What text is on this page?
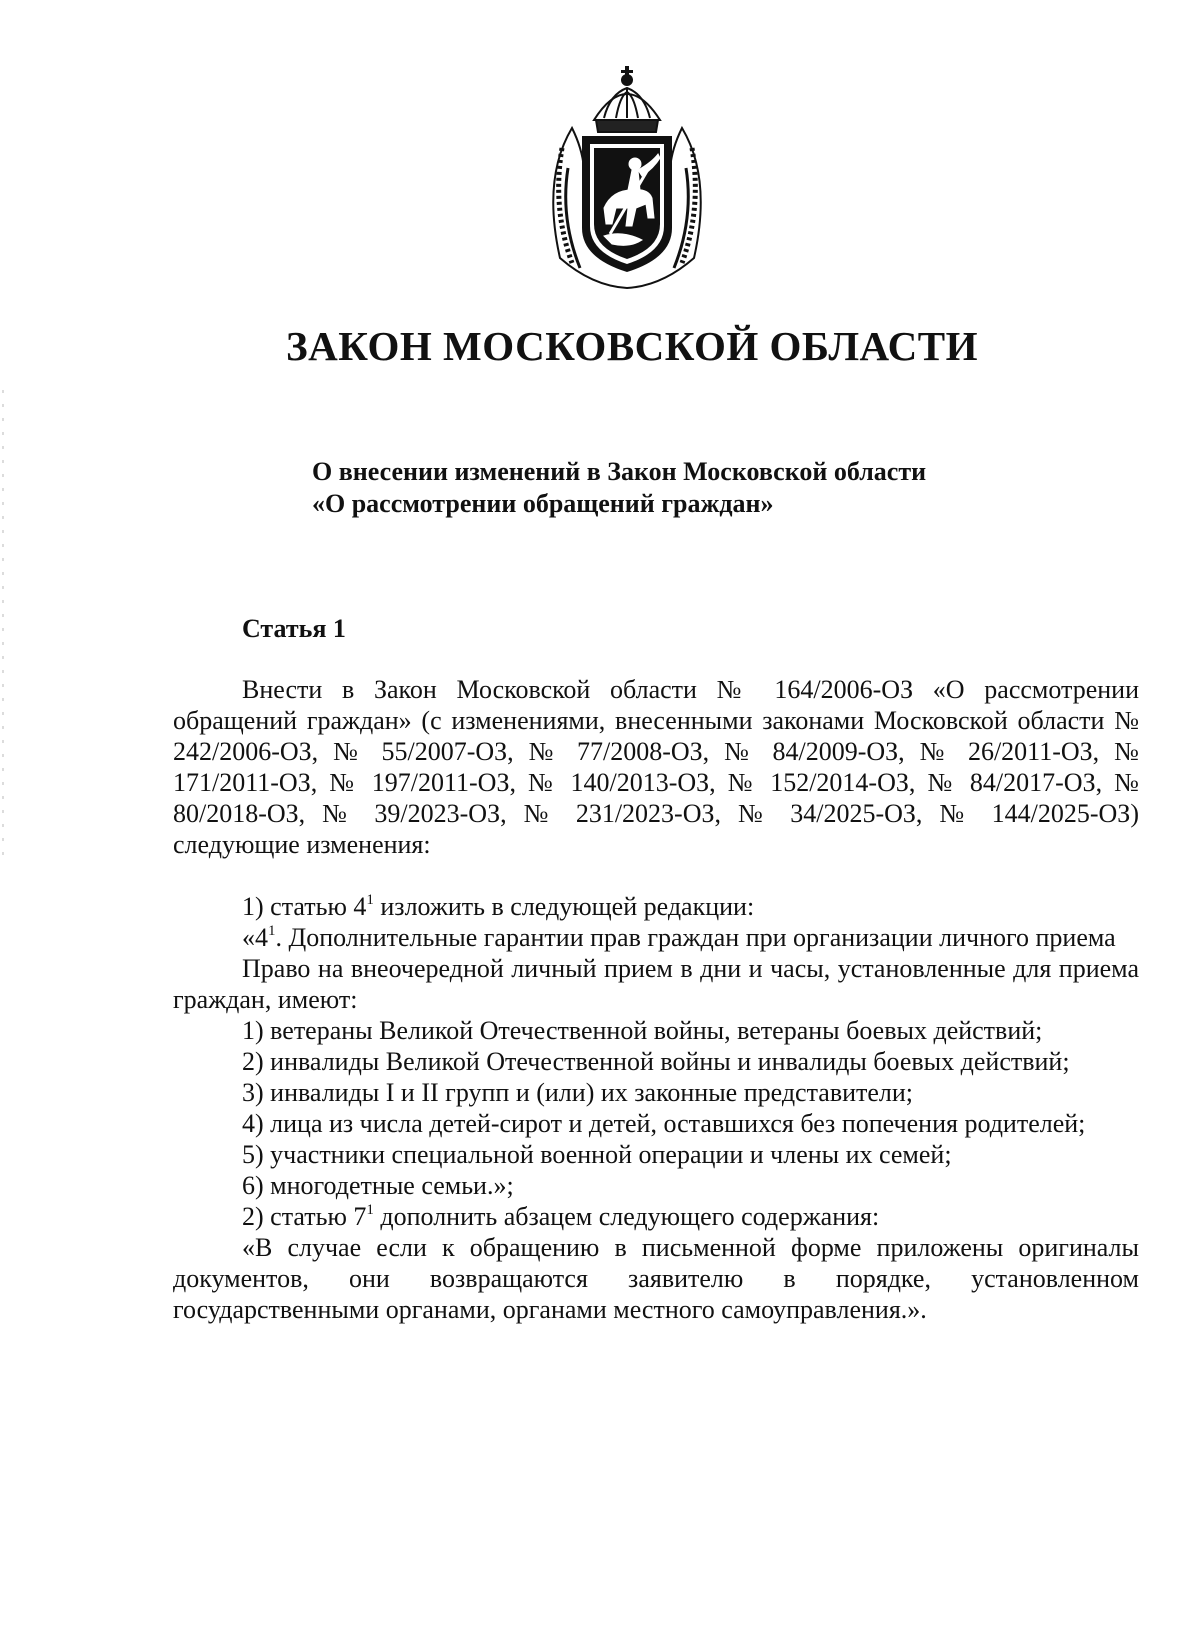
ЗАКОН МОСКОВСКОЙ ОБЛАСТИ
О внесении изменений в Закон Московской области
«О рассмотрении обращений граждан»
Статья 1

Внести в Закон Московской области № 164/2006-ОЗ «О рассмотрении обращений граждан» (с изменениями, внесенными законами Московской области № 242/2006-ОЗ, № 55/2007-ОЗ, № 77/2008-ОЗ, № 84/2009-ОЗ, № 26/2011-ОЗ, № 171/2011-ОЗ, № 197/2011-ОЗ, № 140/2013-ОЗ, № 152/2014-ОЗ, № 84/2017-ОЗ, № 80/2018-ОЗ, № 39/2023-ОЗ, № 231/2023-ОЗ, № 34/2025-ОЗ, № 144/2025-ОЗ) следующие изменения:

1) статью $4^1$ изложить в следующей редакции:

«$4^1$. Дополнительные гарантии прав граждан при организации личного приема

Право на внеочередной личный прием в дни и часы, установленные для приема граждан, имеют:

1) ветераны Великой Отечественной войны, ветераны боевых действий;

2) инвалиды Великой Отечественной войны и инвалиды боевых действий;

3) инвалиды I и II групп и (или) их законные представители;

4) лица из числа детей-сирот и детей, оставшихся без попечения родителей;

5) участники специальной военной операции и члены их семей;

6) многодетные семьи.»;

2) статью $7^1$ дополнить абзацем следующего содержания:

«В случае если к обращению в письменной форме приложены оригиналы документов, они возвращаются заявителю в порядке, установленном государственными органами, органами местного самоуправления.».
